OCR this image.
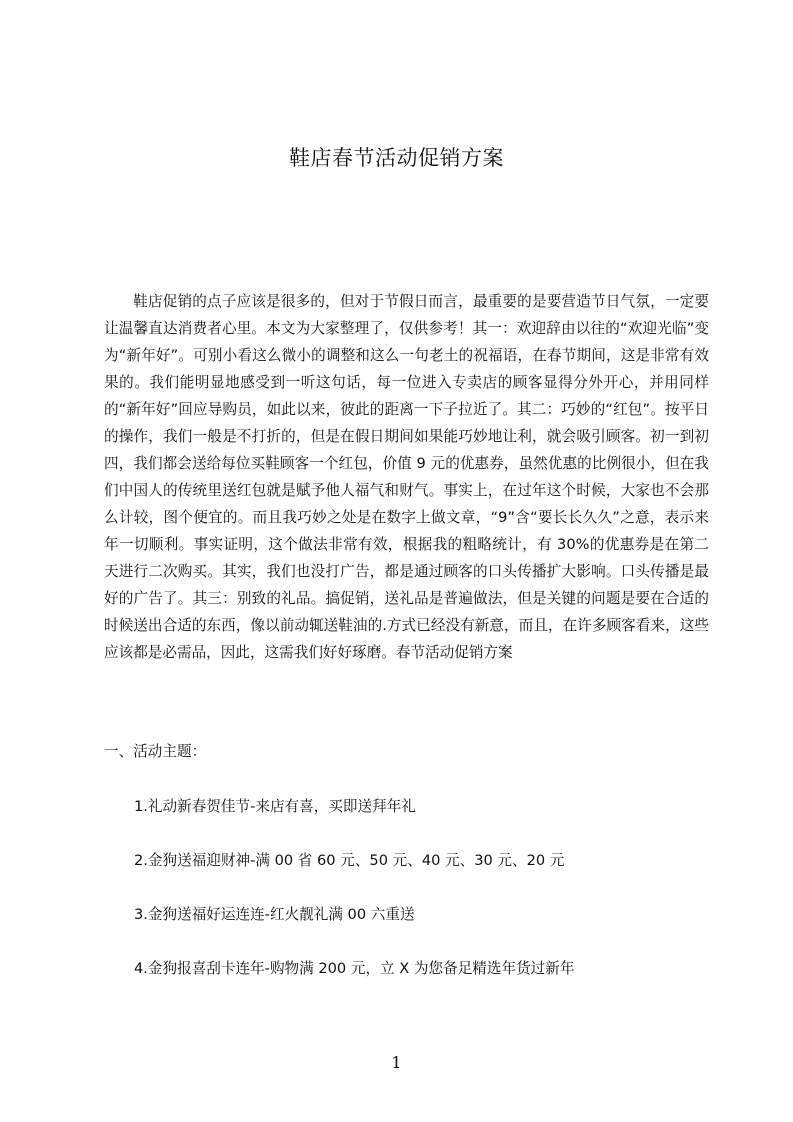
鞋店春节活动促销方案

鞋店促销的点子应该是很多的，但对于节假日而言，最重要的是要营造节日气氛，一定要让温馨直达消费者心里。本文为大家整理了，仅供参考！其一：欢迎辞由以往的“欢迎光临”变为“新年好”。可别小看这么微小的调整和这么一句老土的祝福语，在春节期间，这是非常有效果的。我们能明显地感受到一听这句话，每一位进入专卖店的顾客显得分外开心，并用同样的“新年好”回应导购员，如此以来，彼此的距离一下子拉近了。其二：巧妙的“红包”。按平日的操作，我们一般是不打折的，但是在假日期间如果能巧妙地让利，就会吸引顾客。初一到初四，我们都会送给每位买鞋顾客一个红包，价值 9 元的优惠券，虽然优惠的比例很小，但在我们中国人的传统里送红包就是赋予他人福气和财气。事实上，在过年这个时候，大家也不会那么计较，图个便宜的。而且我巧妙之处是在数字上做文章，“9”含“要长长久久”之意，表示来年一切顺利。事实证明，这个做法非常有效，根据我的粗略统计，有 30%的优惠券是在第二天进行二次购买。其实，我们也没打广告，都是通过顾客的口头传播扩大影响。口头传播是最好的广告了。其三：别致的礼品。搞促销，送礼品是普遍做法，但是关键的问题是要在合适的时候送出合适的东西，像以前动辄送鞋油的.方式已经没有新意，而且，在许多顾客看来，这些应该都是必需品，因此，这需我们好好琢磨。春节活动促销方案

一、活动主题：
1.礼动新春贺佳节-来店有喜，买即送拜年礼
2.金狗送福迎财神-满 00 省 60 元、50 元、40 元、30 元、20 元
3.金狗送福好运连连-红火靓礼满 00 六重送
4.金狗报喜刮卡连年-购物满 200 元，立 X 为您备足精选年货过新年
1
